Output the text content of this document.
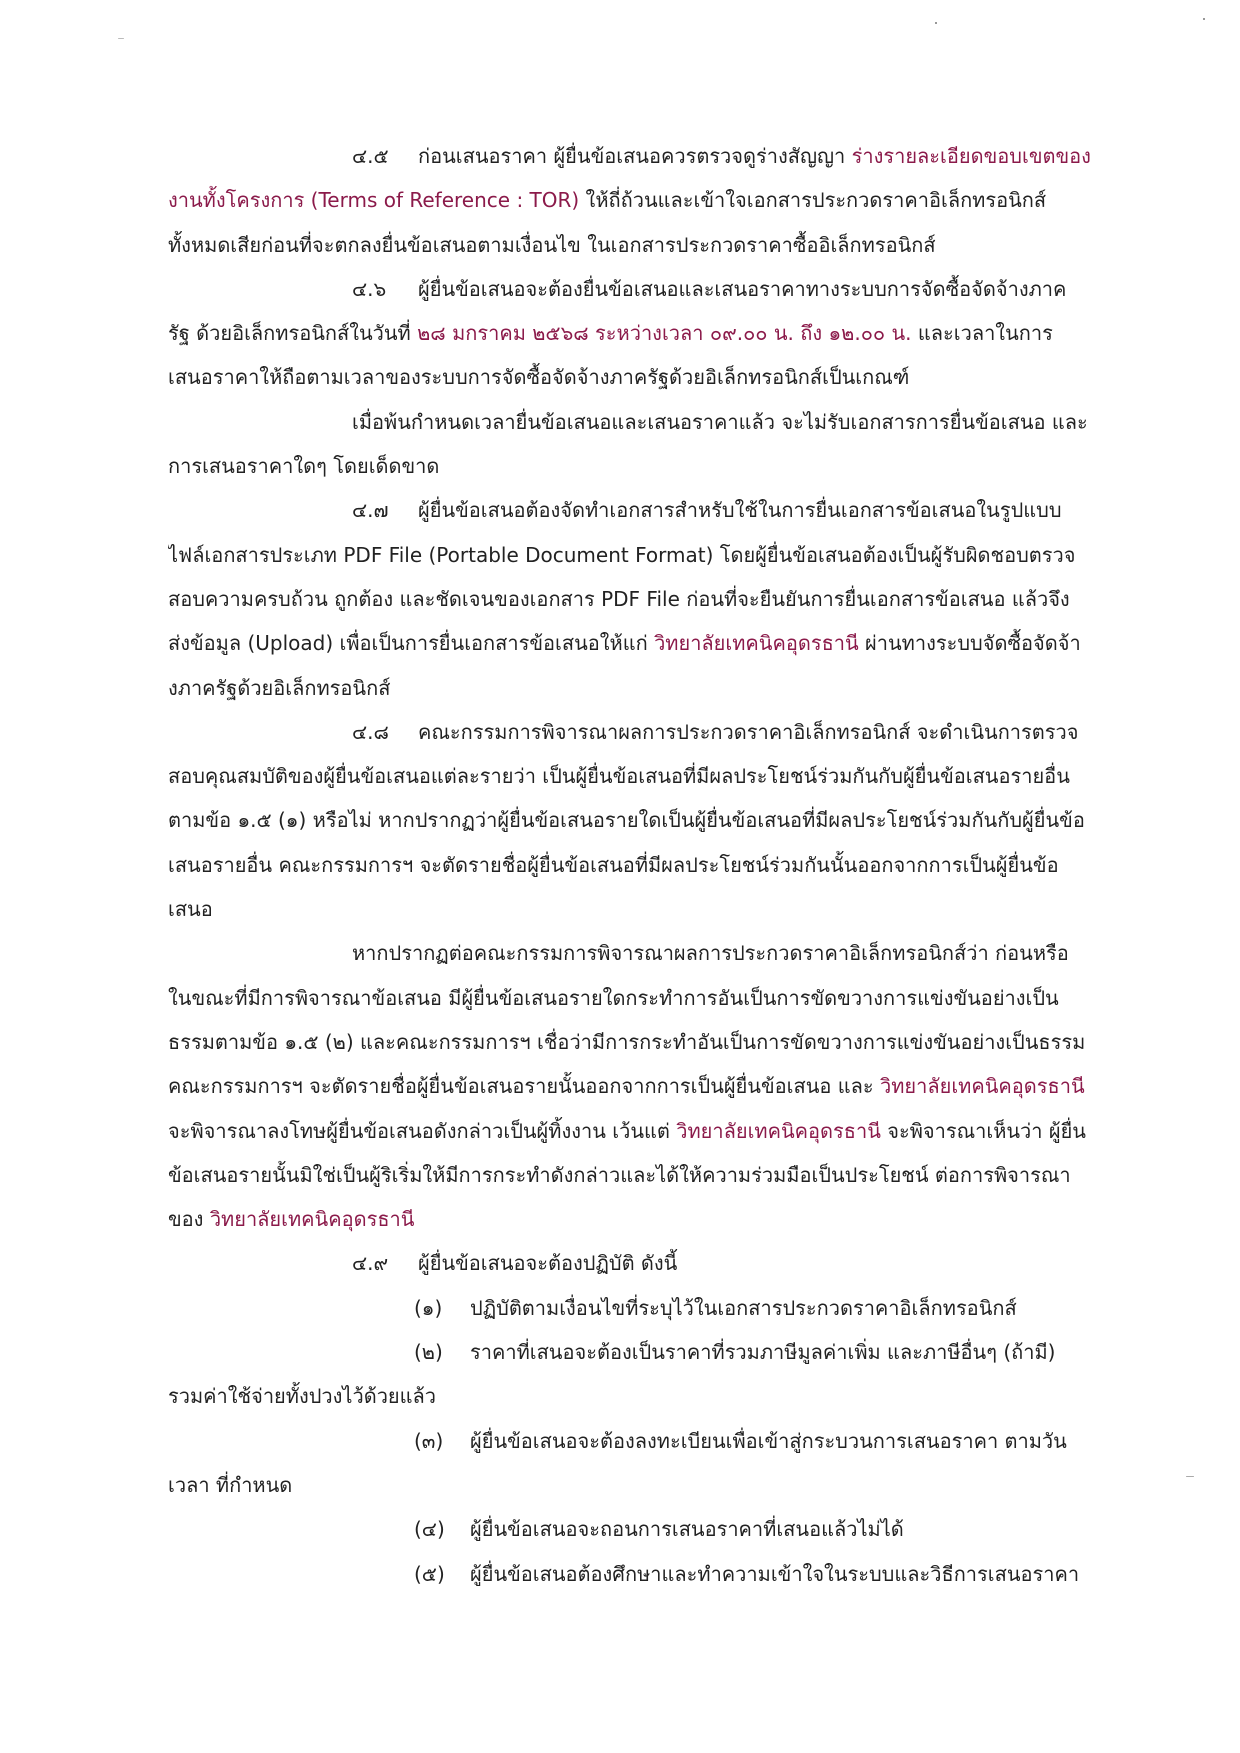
๔.๕ ก่อนเสนอราคา ผู้ยื่นข้อเสนอควรตรวจดูร่างสัญญา ร่างรายละเอียดขอบเขตของ
งานทั้งโครงการ (Terms of Reference : TOR) ให้ถี่ถ้วนและเข้าใจเอกสารประกวดราคาอิเล็กทรอนิกส์
ทั้งหมดเสียก่อนที่จะตกลงยื่นข้อเสนอตามเงื่อนไข ในเอกสารประกวดราคาซื้ออิเล็กทรอนิกส์
๔.๖ ผู้ยื่นข้อเสนอจะต้องยื่นข้อเสนอและเสนอราคาทางระบบการจัดซื้อจัดจ้างภาค
รัฐ ด้วยอิเล็กทรอนิกส์ในวันที่ ๒๘ มกราคม ๒๕๖๘ ระหว่างเวลา ๐๙.๐๐ น. ถึง ๑๒.๐๐ น. และเวลาในการ
เสนอราคาให้ถือตามเวลาของระบบการจัดซื้อจัดจ้างภาครัฐด้วยอิเล็กทรอนิกส์เป็นเกณฑ์
เมื่อพ้นกำหนดเวลายื่นข้อเสนอและเสนอราคาแล้ว จะไม่รับเอกสารการยื่นข้อเสนอ และ
การเสนอราคาใดๆ โดยเด็ดขาด
๔.๗ ผู้ยื่นข้อเสนอต้องจัดทำเอกสารสำหรับใช้ในการยื่นเอกสารข้อเสนอในรูปแบบ
ไฟล์เอกสารประเภท PDF File (Portable Document Format) โดยผู้ยื่นข้อเสนอต้องเป็นผู้รับผิดชอบตรวจ
สอบความครบถ้วน ถูกต้อง และชัดเจนของเอกสาร PDF File ก่อนที่จะยืนยันการยื่นเอกสารข้อเสนอ แล้วจึง
ส่งข้อมูล (Upload) เพื่อเป็นการยื่นเอกสารข้อเสนอให้แก่ วิทยาลัยเทคนิคอุดรธานี ผ่านทางระบบจัดซื้อจัดจ้า
งภาครัฐด้วยอิเล็กทรอนิกส์
๔.๘ คณะกรรมการพิจารณาผลการประกวดราคาอิเล็กทรอนิกส์ จะดำเนินการตรวจ
สอบคุณสมบัติของผู้ยื่นข้อเสนอแต่ละรายว่า เป็นผู้ยื่นข้อเสนอที่มีผลประโยชน์ร่วมกันกับผู้ยื่นข้อเสนอรายอื่น
ตามข้อ ๑.๕ (๑) หรือไม่ หากปรากฏว่าผู้ยื่นข้อเสนอรายใดเป็นผู้ยื่นข้อเสนอที่มีผลประโยชน์ร่วมกันกับผู้ยื่นข้อ
เสนอรายอื่น คณะกรรมการฯ จะตัดรายชื่อผู้ยื่นข้อเสนอที่มีผลประโยชน์ร่วมกันนั้นออกจากการเป็นผู้ยื่นข้อ
เสนอ
หากปรากฏต่อคณะกรรมการพิจารณาผลการประกวดราคาอิเล็กทรอนิกส์ว่า ก่อนหรือ
ในขณะที่มีการพิจารณาข้อเสนอ มีผู้ยื่นข้อเสนอรายใดกระทำการอันเป็นการขัดขวางการแข่งขันอย่างเป็น
ธรรมตามข้อ ๑.๕ (๒) และคณะกรรมการฯ เชื่อว่ามีการกระทำอันเป็นการขัดขวางการแข่งขันอย่างเป็นธรรม
คณะกรรมการฯ จะตัดรายชื่อผู้ยื่นข้อเสนอรายนั้นออกจากการเป็นผู้ยื่นข้อเสนอ และ วิทยาลัยเทคนิคอุดรธานี
จะพิจารณาลงโทษผู้ยื่นข้อเสนอดังกล่าวเป็นผู้ทิ้งงาน เว้นแต่ วิทยาลัยเทคนิคอุดรธานี จะพิจารณาเห็นว่า ผู้ยื่น
ข้อเสนอรายนั้นมิใช่เป็นผู้ริเริ่มให้มีการกระทำดังกล่าวและได้ให้ความร่วมมือเป็นประโยชน์ ต่อการพิจารณา
ของ วิทยาลัยเทคนิคอุดรธานี
๔.๙ ผู้ยื่นข้อเสนอจะต้องปฏิบัติ ดังนี้
(๑) ปฏิบัติตามเงื่อนไขที่ระบุไว้ในเอกสารประกวดราคาอิเล็กทรอนิกส์
(๒) ราคาที่เสนอจะต้องเป็นราคาที่รวมภาษีมูลค่าเพิ่ม และภาษีอื่นๆ (ถ้ามี)
รวมค่าใช้จ่ายทั้งปวงไว้ด้วยแล้ว
(๓) ผู้ยื่นข้อเสนอจะต้องลงทะเบียนเพื่อเข้าสู่กระบวนการเสนอราคา ตามวัน
เวลา ที่กำหนด
(๔) ผู้ยื่นข้อเสนอจะถอนการเสนอราคาที่เสนอแล้วไม่ได้
(๕) ผู้ยื่นข้อเสนอต้องศึกษาและทำความเข้าใจในระบบและวิธีการเสนอราคา
